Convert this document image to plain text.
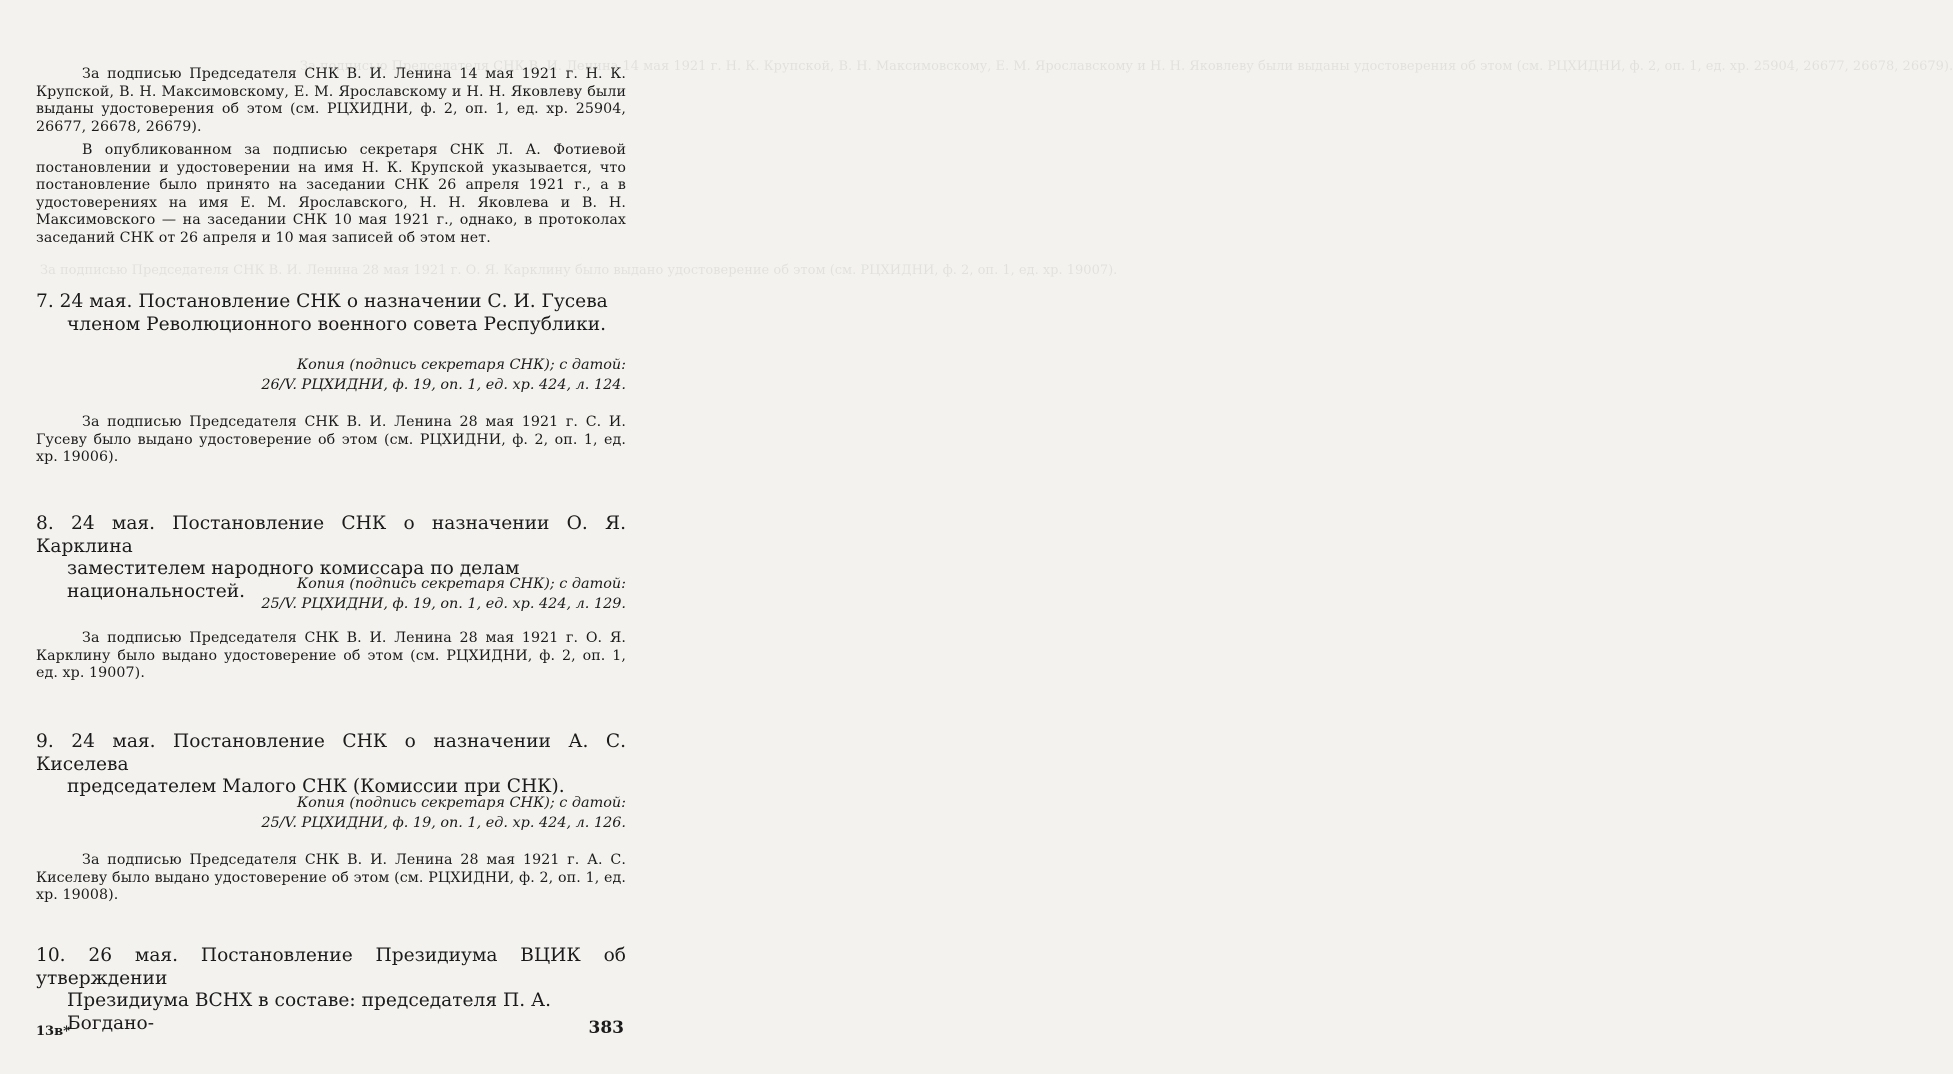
За подписью Председателя СНК В. И. Ленина 14 мая 1921 г. Н. К. Крупской, В. Н. Максимовскому, Е. М. Ярославскому и Н. Н. Яковлеву были выданы удостоверения об этом (см. РЦХИДНИ, ф. 2, оп. 1, ед. хр. 25904, 26677, 26678, 26679).
За подписью Председателя СНК В. И. Ленина 28 мая 1921 г. О. Я. Карклину было выдано удостоверение об этом (см. РЦХИДНИ, ф. 2, оп. 1, ед. хр. 19007).

За подписью Председателя СНК В. И. Ленина 14 мая 1921 г. Н. К. Крупской, В. Н. Максимовскому, Е. М. Ярославскому и Н. Н. Яковлеву были выданы удостоверения об этом (см. РЦХИДНИ, ф. 2, оп. 1, ед. хр. 25904, 26677, 26678, 26679).

В опубликованном за подписью секретаря СНК Л. А. Фотиевой постановлении и удостоверении на имя Н. К. Крупской указывается, что постановление было принято на заседании СНК 26 апреля 1921 г., а в удостоверениях на имя Е. М. Ярославского, Н. Н. Яковлева и В. Н. Максимовского — на заседании СНК 10 мая 1921 г., однако, в протоколах заседаний СНК от 26 апреля и 10 мая записей об этом нет.

7. 24 мая. Постановление СНК о назначении С. И. Гусева
членом Революционного военного совета Республики.
Копия (подпись секретаря СНК); с датой:
26/V. РЦХИДНИ, ф. 19, оп. 1, ед. хр. 424, л. 124.

За подписью Председателя СНК В. И. Ленина 28 мая 1921 г. С. И. Гусеву было выдано удостоверение об этом (см. РЦХИДНИ, ф. 2, оп. 1, ед. хр. 19006).

8. 24 мая. Постановление СНК о назначении О. Я. Карклина
заместителем народного комиссара по делам национальностей.	Копия (подпись секретаря СНК); с датой:
25/V. РЦХИДНИ, ф. 19, оп. 1, ед. хр. 424, л. 129.

За подписью Председателя СНК В. И. Ленина 28 мая 1921 г. О. Я. Карклину было выдано удостоверение об этом (см. РЦХИДНИ, ф. 2, оп. 1, ед. хр. 19007).

9. 24 мая. Постановление СНК о назначении А. С. Киселева
председателем Малого СНК (Комиссии при СНК).
Копия (подпись секретаря СНК); с датой:
25/V. РЦХИДНИ, ф. 19, оп. 1, ед. хр. 424, л. 126.

За подписью Председателя СНК В. И. Ленина 28 мая 1921 г. А. С. Киселеву было выдано удостоверение об этом (см. РЦХИДНИ, ф. 2, оп. 1, ед. хр. 19008).

10. 26 мая. Постановление Президиума ВЦИК об утверждении
Президиума ВСНХ в составе: председателя П. А. Богдано-
13в*	383
